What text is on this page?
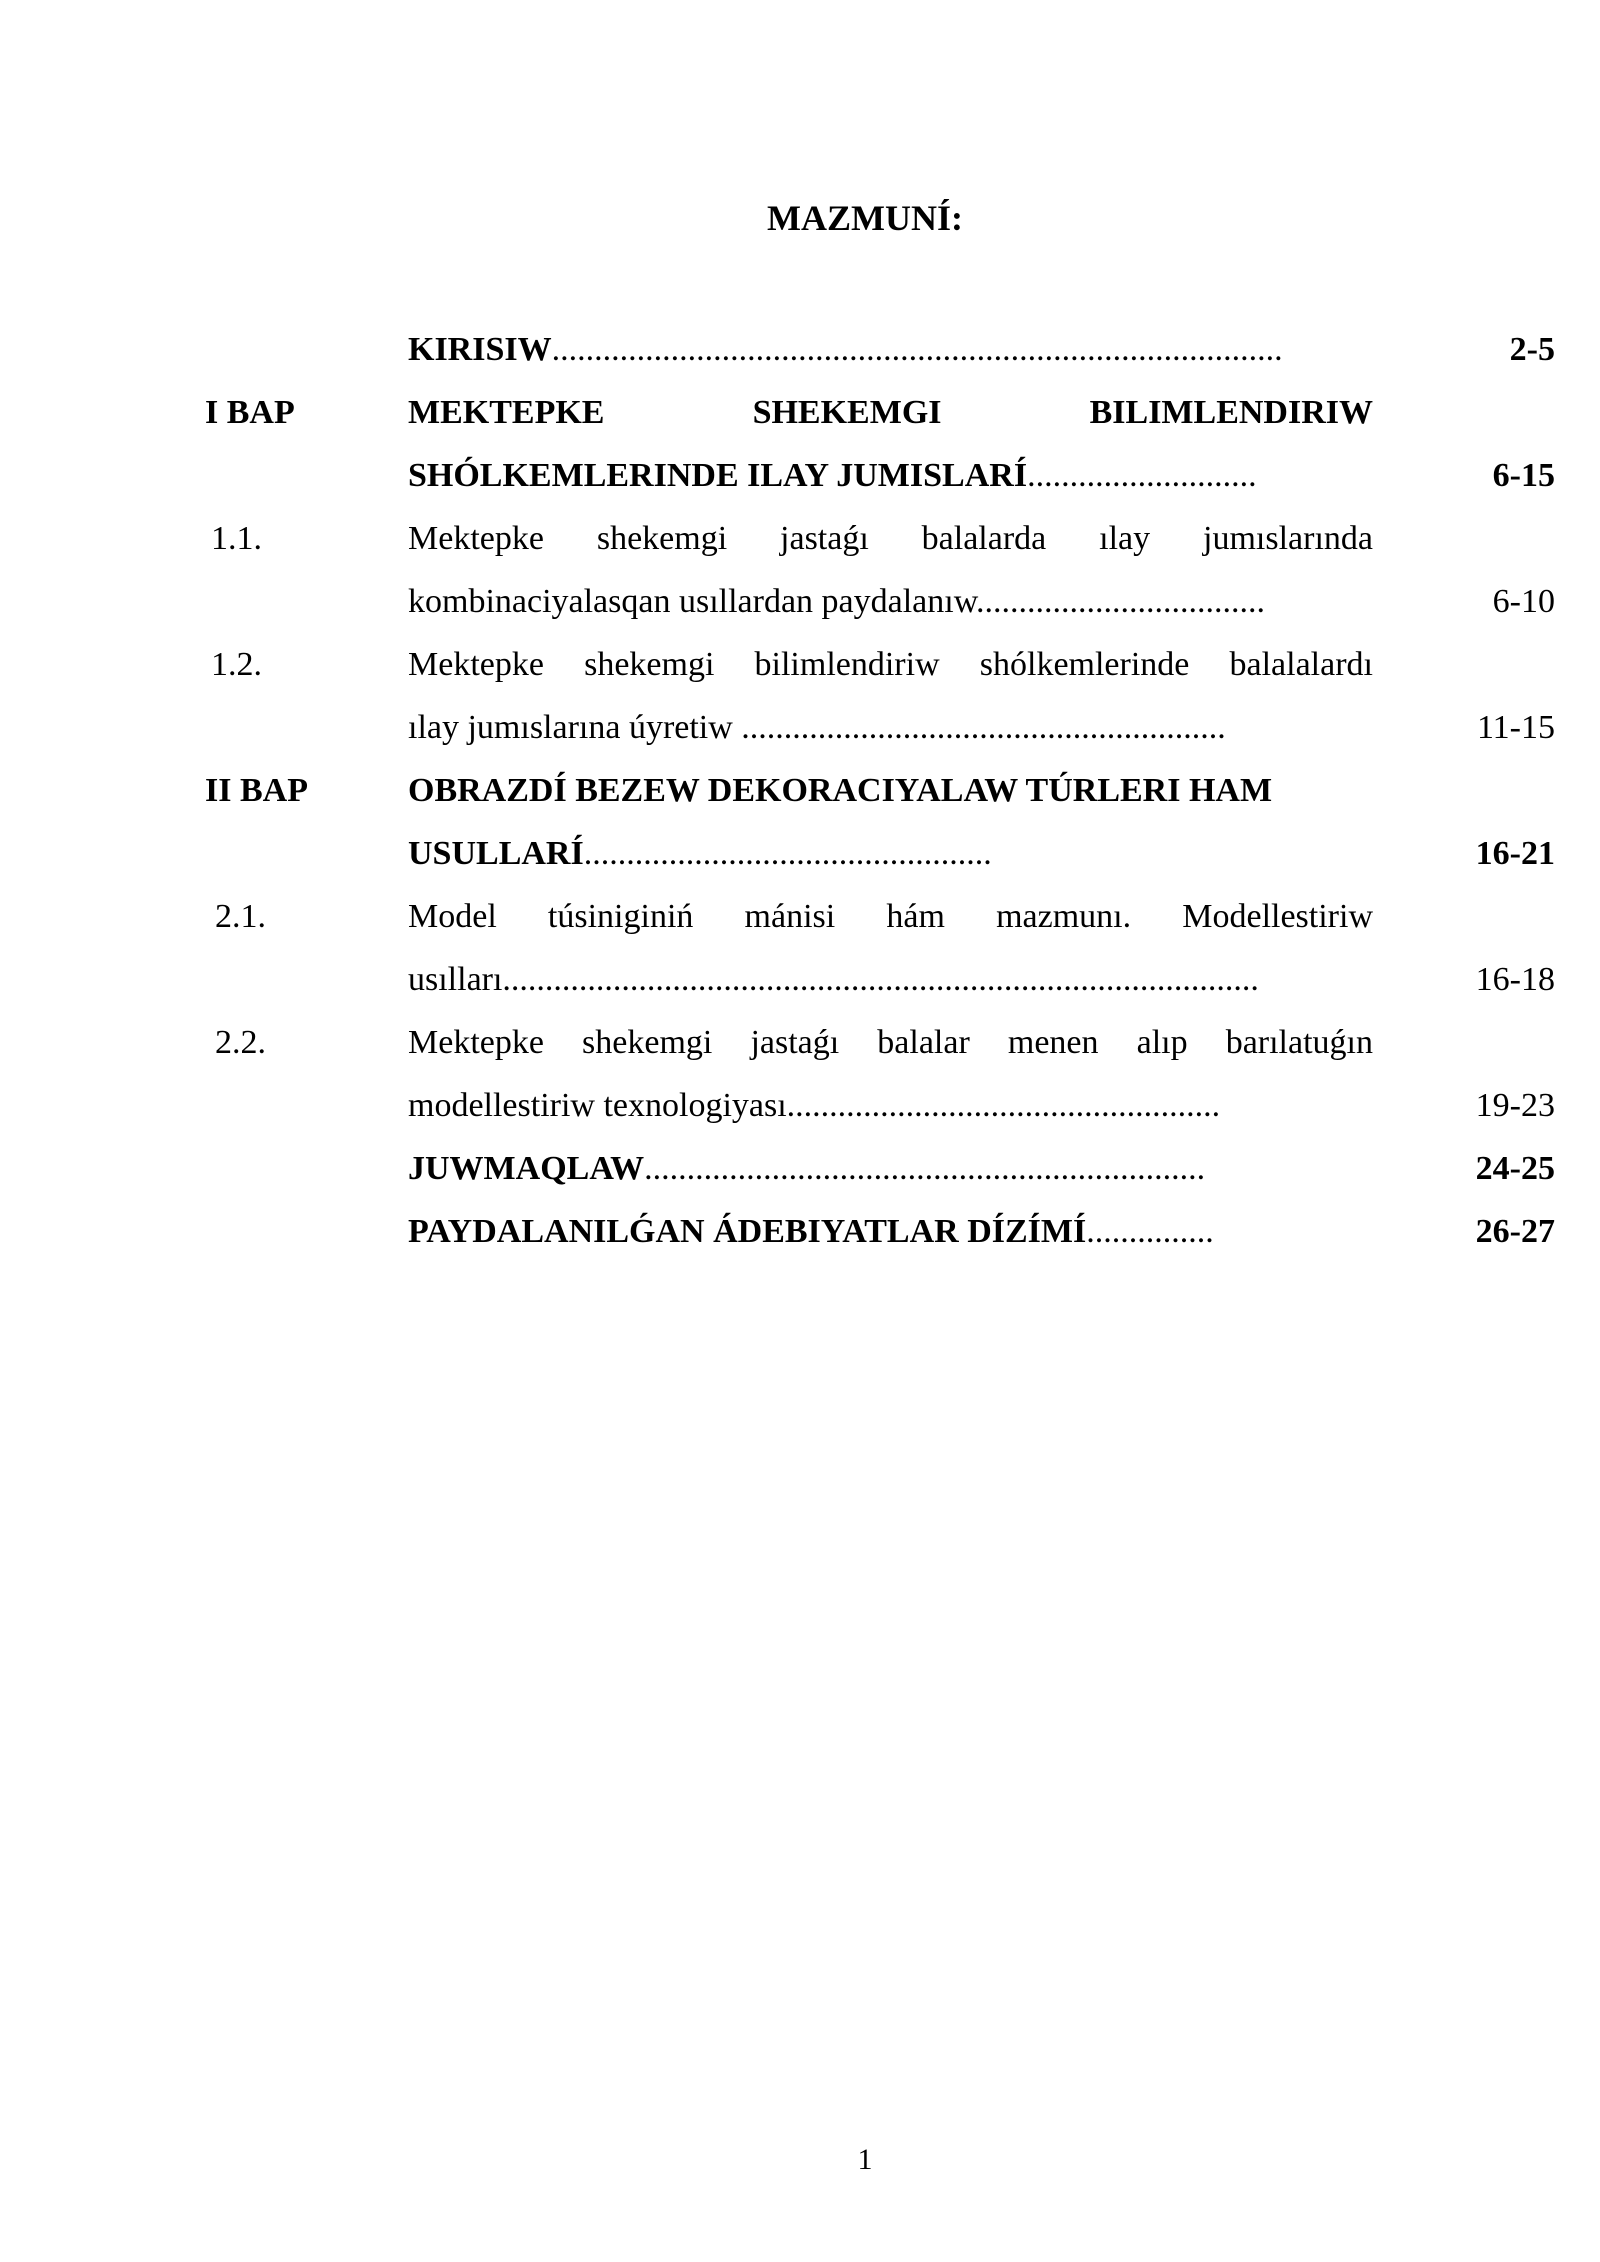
MAZMUNÍ:
KIRISIW......................................................................................	2-5
I BAP	MEKTEPKE SHEKEMGI BILIMLENDIRIW
SHÓLKEMLERINDE ILAY JUMISLARÍ...........................	6-15
1.1.	Mektepke shekemgi jastaǵı balalarda ılay jumıslarında
kombinaciyalasqan usıllardan paydalanıw..................................	6-10
1.2.	Mektepke shekemgi bilimlendiriw shólkemlerinde balalalardı
ılay jumıslarına úyretiw .........................................................	11-15
II BAP	OBRAZDÍ BEZEW DEKORACIYALAW TÚRLERI HAM
USULLARÍ................................................	16-21
2.1.	Model túsiniginiń mánisi hám mazmunı. Modellestiriw
usılları.........................................................................................	16-18
2.2.	Mektepke shekemgi jastaǵı balalar menen alıp barılatuǵın
modellestiriw texnologiyası...................................................	19-23
JUWMAQLAW..................................................................	24-25
PAYDALANILǴAN ÁDEBIYATLAR DÍZÍMÍ...............	26-27
1
